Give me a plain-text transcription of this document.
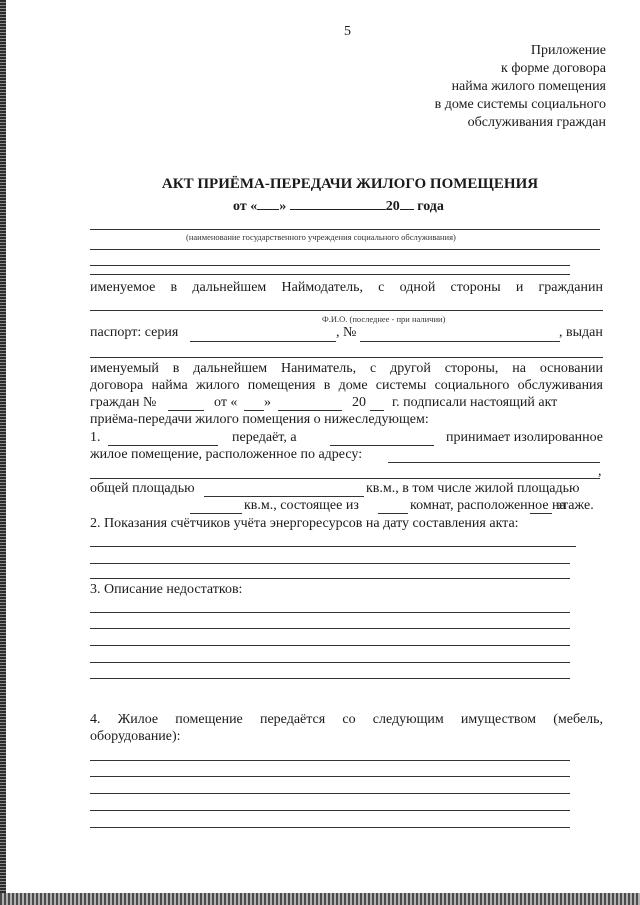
5
Приложение
к форме договора
найма жилого помещения
в доме системы социального
обслуживания граждан
АКТ ПРИЁМА-ПЕРЕДАЧИ ЖИЛОГО ПОМЕЩЕНИЯ
от « »	20 года
(наименование государственного учреждения социального обслуживания)
именуемое в дальнейшем Наймодатель, с одной стороны и гражданин
Ф.И.О. (последнее - при наличии)
паспорт: серия	, №	, выдан
именуемый в дальнейшем Наниматель, с другой стороны, на основании
договора найма жилого помещения в доме системы социального обслуживания
граждан №	от « »	20 г. подписали настоящий акт
приёма-передачи жилого помещения о нижеследующем:
1.	передаёт, а	принимает изолированное
жилое помещение, расположенное по адресу:
,
общей площадью	кв.м., в том числе жилой площадью
кв.м., состоящее из	комнат, расположенное на
этаже.
2. Показания счётчиков учёта энергоресурсов на дату составления акта:
3. Описание недостатков:
4. Жилое помещение передаётся со следующим имуществом (мебель,
оборудование):
